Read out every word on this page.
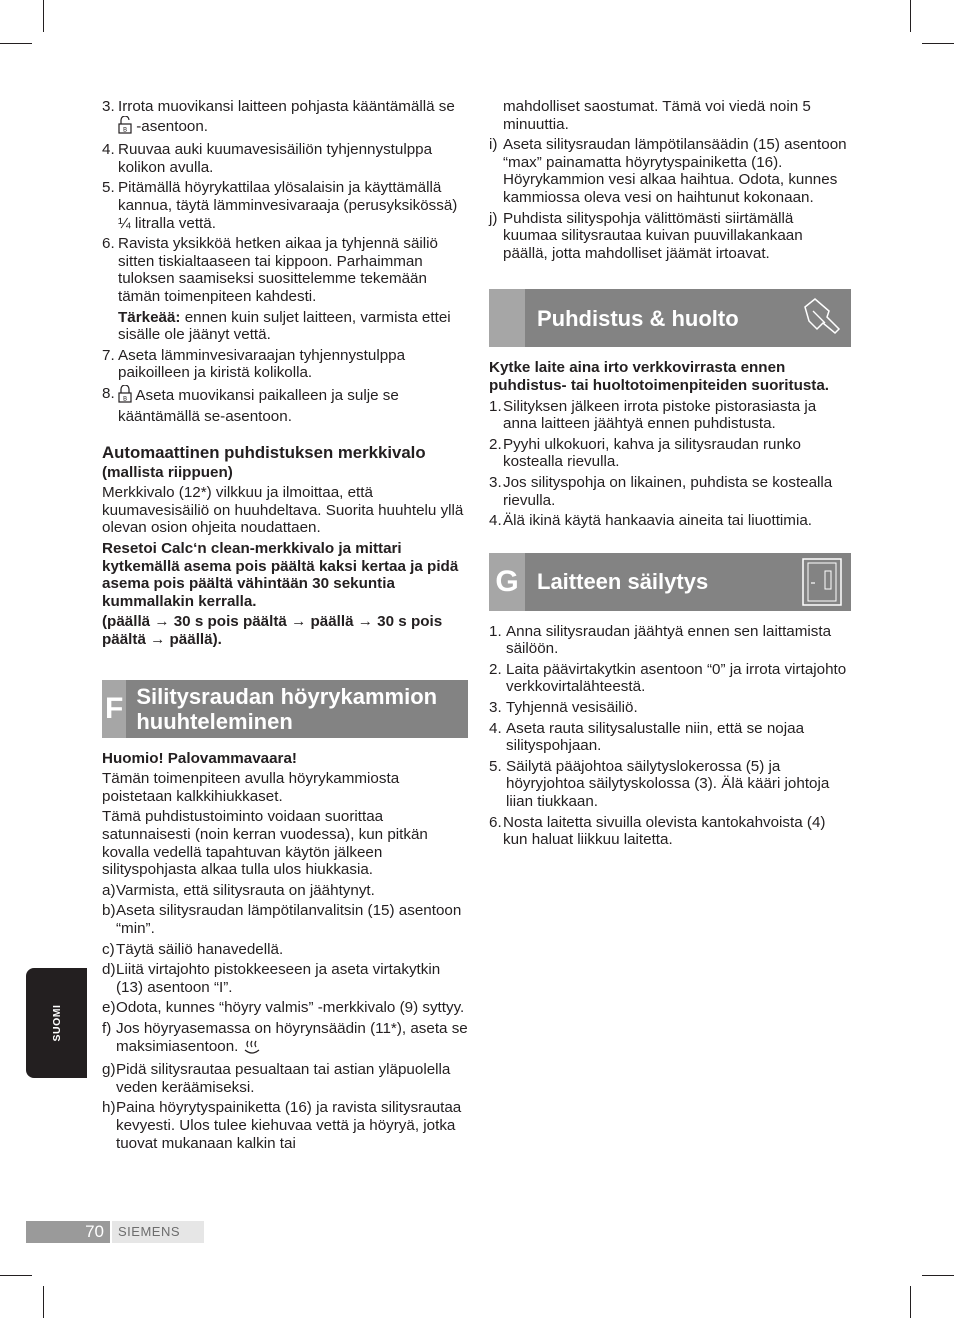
3. Irrota muovikansi laitteen pohjasta kääntämällä se
B -asentoon.
4. Ruuvaa auki kuumavesisäiliön tyhjennystulppa kolikon avulla.
5. Pitämällä höyrykattilaa ylösalaisin ja käyttämällä kannua, täytä lämminvesivaraaja (perusyksikössä) ¼ litralla vettä.
6. Ravista yksikköä hetken aikaa ja tyhjennä säiliö sitten tiskialtaaseen tai kippoon. Parhaimman tuloksen saamiseksi suosittelemme tekemään tämän toimenpiteen kahdesti.
Tärkeää: ennen kuin suljet laitteen, varmista ettei sisälle ole jäänyt vettä.
7. Aseta lämminvesivaraajan tyhjennystulppa paikoilleen ja kiristä kolikolla.
8. B Aseta muovikansi paikalleen ja sulje se kääntämällä se-asentoon.
Automaattinen puhdistuksen merkkivalo
(mallista riippuen)
Merkkivalo (12*) vilkkuu ja ilmoittaa, että kuumavesisäiliö on huuhdeltava. Suorita huuhtelu yllä olevan osion ohjeita noudattaen.
Resetoi Calc‘n clean-merkkivalo ja mittari kytkemällä asema pois päältä kaksi kertaa ja pidä asema pois päältä vähintään 30 sekuntia kummallakin kerralla.
(päällä → 30 s pois päältä → päällä → 30 s pois päältä → päällä).
F Silitysraudan höyrykammion huuhteleminen
Huomio! Palovammavaara!
Tämän toimenpiteen avulla höyrykammiosta poistetaan kalkkihiukkaset.
Tämä puhdistustoiminto voidaan suorittaa satunnaisesti (noin kerran vuodessa), kun pitkän kovalla vedellä tapahtuvan käytön jälkeen silityspohjasta alkaa tulla ulos hiukkasia.
a) Varmista, että silitysrauta on jäähtynyt.
b) Aseta silitysraudan lämpötilanvalitsin (15) asentoon “min”.
c) Täytä säiliö hanavedellä.
d) Liitä virtajohto pistokkeeseen ja aseta virtakytkin (13) asentoon “I”.
e) Odota, kunnes “höyry valmis” -merkkivalo (9) syttyy.
f) Jos höyryasemassa on höyrynsäädin (11*), aseta se maksimiasentoon.
g) Pidä silitysrautaa pesualtaan tai astian yläpuolella veden keräämiseksi.
h) Paina höyrytyspainiketta (16) ja ravista silitysrautaa kevyesti. Ulos tulee kiehuvaa vettä ja höyryä, jotka tuovat mukanaan kalkin tai
mahdolliset saostumat. Tämä voi viedä noin 5 minuuttia.
i) Aseta silitysraudan lämpötilansäädin (15) asentoon “max” painamatta höyrytyspainiketta (16). Höyrykammion vesi alkaa haihtua. Odota, kunnes kammiossa oleva vesi on haihtunut kokonaan.
j) Puhdista silityspohja välittömästi siirtämällä kuumaa silitysrautaa kuivan puuvillakankaan päällä, jotta mahdolliset jäämät irtoavat.
Puhdistus & huolto
Kytke laite aina irto verkkovirrasta ennen puhdistus- tai huoltotoimenpiteiden suoritusta.
1. Silityksen jälkeen irrota pistoke pistorasiasta ja anna laitteen jäähtyä ennen puhdistusta.
2. Pyyhi ulkokuori, kahva ja silitysraudan runko kostealla rievulla.
3. Jos silityspohja on likainen, puhdista se kostealla rievulla.
4. Älä ikinä käytä hankaavia aineita tai liuottimia.
G Laitteen säilytys
1. Anna silitysraudan jäähtyä ennen sen laittamista säilöön.
2. Laita päävirtakytkin asentoon “0” ja irrota virtajohto verkkovirtalähteestä.
3. Tyhjennä vesisäiliö.
4. Aseta rauta silitysalustalle niin, että se nojaa silityspohjaan.
5. Säilytä pääjohtoa säilytyslokerossa (5) ja höyryjohtoa säilytyskolossa (3). Älä kääri johtoja liian tiukkaan.
6. Nosta laitetta sivuilla olevista kantokahvoista (4) kun haluat liikkuu laitetta.
SUOMI
70	SIEMENS
